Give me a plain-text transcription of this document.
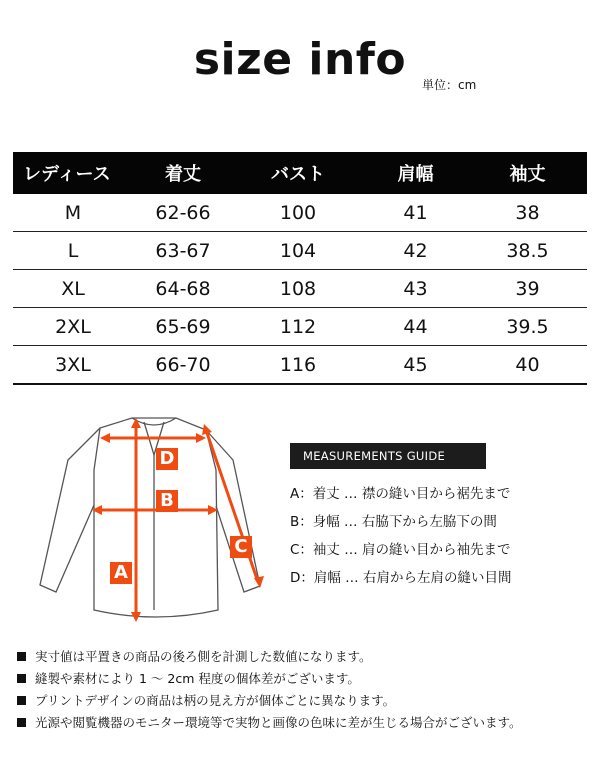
size info	単位：cm
レディース	着丈	バスト	肩幅	袖丈
M	62-66	100	41	38
L	63-67	104	42	38.5
XL	64-68	108	43	39
2XL	65-69	112	44	39.5
3XL	66-70	116	45	40
D
B
A
C
MEASUREMENTS GUIDE
A：着丈 … 襟の縫い目から裾先まで
B：身幅 … 右脇下から左脇下の間
C：袖丈 … 肩の縫い目から袖先まで
D：肩幅 … 右肩から左肩の縫い目間
実寸値は平置きの商品の後ろ側を計測した数値になります。
縫製や素材により 1 ～ 2cm 程度の個体差がございます。
プリントデザインの商品は柄の見え方が個体ごとに異なります。
光源や閲覧機器のモニター環境等で実物と画像の色味に差が生じる場合がございます。
